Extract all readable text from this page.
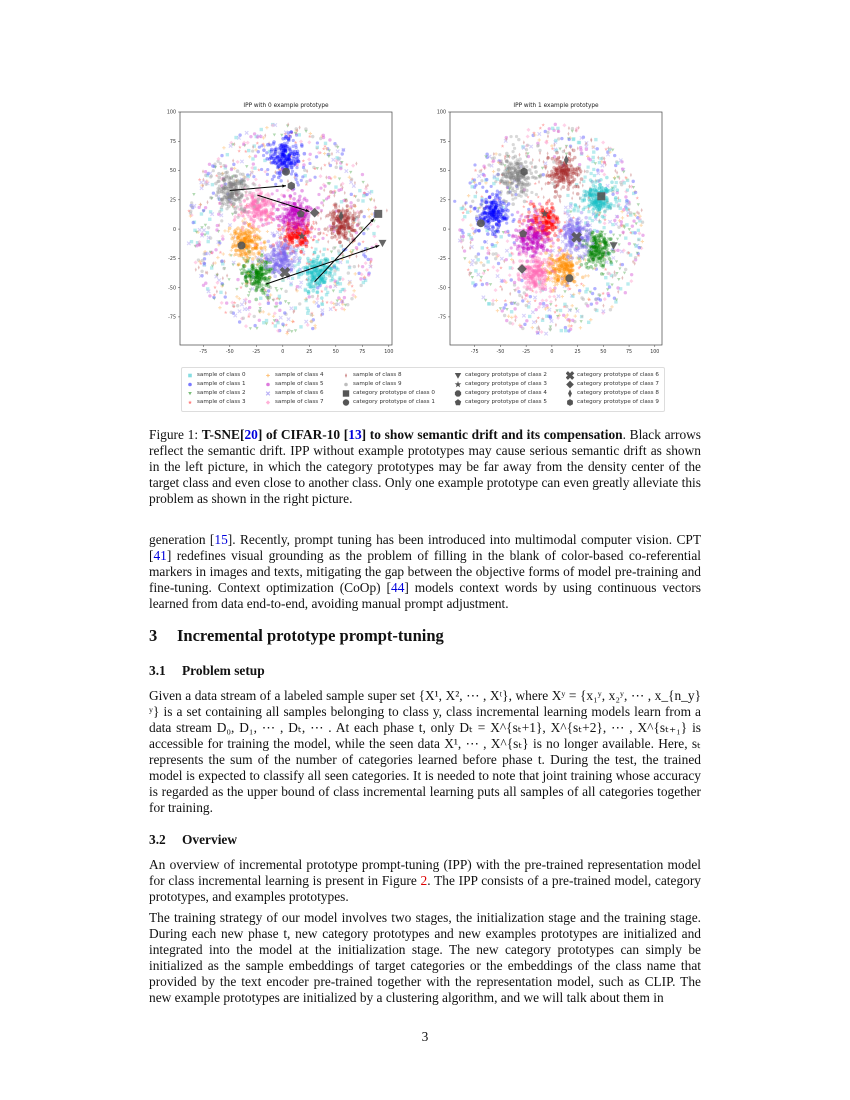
IPP with 0 example prototype
-75	-50	-25	0	25	50	75	100
100
75
50
25
0
-25
-50
-75
IPP with 1 example prototype
-75	-50	-25	0	25	50	75	100
100
75
50
25
0
-25
-50
-75
sample of class 0
sample of class 1
sample of class 2
sample of class 3
sample of class 4
sample of class 5
sample of class 6
sample of class 7
sample of class 8
sample of class 9
category prototype of class 0
category prototype of class 1
category prototype of class 2
category prototype of class 3
category prototype of class 4
category prototype of class 5
category prototype of class 6
category prototype of class 7
category prototype of class 8
category prototype of class 9
Figure 1: T-SNE[20] of CIFAR-10 [13] to show semantic drift and its compensation. Black arrows reflect the semantic drift. IPP without example prototypes may cause serious semantic drift as shown in the left picture, in which the category prototypes may be far away from the density center of the target class and even close to another class. Only one example prototype can even greatly alleviate this problem as shown in the right picture.
generation [15]. Recently, prompt tuning has been introduced into multimodal computer vision. CPT [41] redefines visual grounding as the problem of filling in the blank of color-based co-referential markers in images and texts, mitigating the gap between the objective forms of model pre-training and fine-tuning. Context optimization (CoOp) [44] models context words by using continuous vectors learned from data end-to-end, avoiding manual prompt adjustment.
3 Incremental prototype prompt-tuning
3.1 Problem setup

Given a data stream of a labeled sample super set {X¹, X², ⋯ , Xᵗ}, where Xʸ = {x₁ʸ, x₂ʸ, ⋯ , x_{n_y}ʸ} is a set containing all samples belonging to class y, class incremental learning models learn from a data stream D₀, D₁, ⋯ , Dₜ, ⋯ . At each phase t, only Dₜ = X^{sₜ+1}, X^{sₜ+2}, ⋯ , X^{sₜ₊₁} is accessible for training the model, while the seen data X¹, ⋯ , X^{sₜ} is no longer available. Here, sₜ represents the sum of the number of categories learned before phase t. During the test, the trained model is expected to classify all seen categories. It is needed to note that joint training whose accuracy is regarded as the upper bound of class incremental learning puts all samples of all categories together for training.

3.2 Overview
An overview of incremental prototype prompt-tuning (IPP) with the pre-trained representation model for class incremental learning is present in Figure 2. The IPP consists of a pre-trained model, category prototypes, and examples prototypes.

The training strategy of our model involves two stages, the initialization stage and the training stage. During each new phase t, new category prototypes and new examples prototypes are initialized and integrated into the model at the initialization stage. The new category prototypes can simply be initialized as the sample embeddings of target categories or the embeddings of the class name that provided by the text encoder pre-trained together with the representation model, such as CLIP. The new example prototypes are initialized by a clustering algorithm, and we will talk about them in

3
